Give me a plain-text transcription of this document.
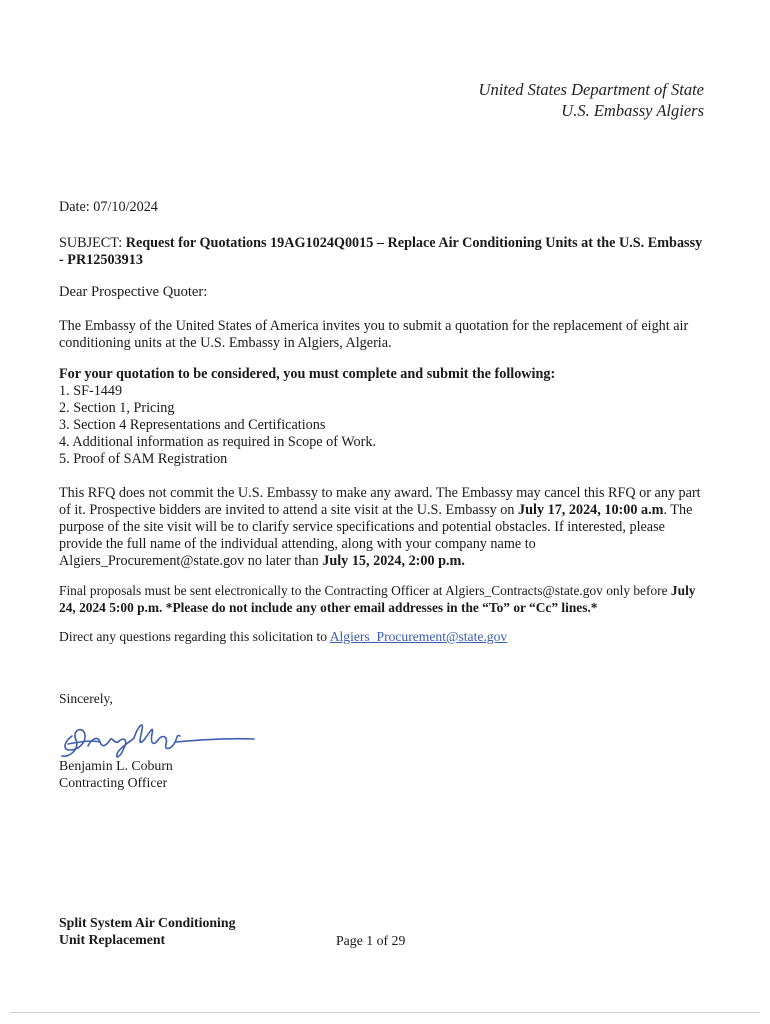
United States Department of State
U.S. Embassy Algiers
Date: 07/10/2024
SUBJECT: Request for Quotations 19AG1024Q0015 – Replace Air Conditioning Units at the U.S. Embassy - PR12503913
Dear Prospective Quoter:
The Embassy of the United States of America invites you to submit a quotation for the replacement of eight air conditioning units at the U.S. Embassy in Algiers, Algeria.
For your quotation to be considered, you must complete and submit the following:
1. SF-1449
2. Section 1, Pricing
3. Section 4 Representations and Certifications
4. Additional information as required in Scope of Work.
5. Proof of SAM Registration
This RFQ does not commit the U.S. Embassy to make any award. The Embassy may cancel this RFQ or any part of it. Prospective bidders are invited to attend a site visit at the U.S. Embassy on July 17, 2024, 10:00 a.m. The purpose of the site visit will be to clarify service specifications and potential obstacles. If interested, please provide the full name of the individual attending, along with your company name to Algiers_Procurement@state.gov no later than July 15, 2024, 2:00 p.m.
Final proposals must be sent electronically to the Contracting Officer at Algiers_Contracts@state.gov only before July 24, 2024 5:00 p.m. *Please do not include any other email addresses in the “To” or “Cc” lines.*
Direct any questions regarding this solicitation to Algiers_Procurement@state.gov
Sincerely,
Benjamin L. Coburn
Contracting Officer
Split System Air Conditioning
Unit Replacement	Page 1 of 29
